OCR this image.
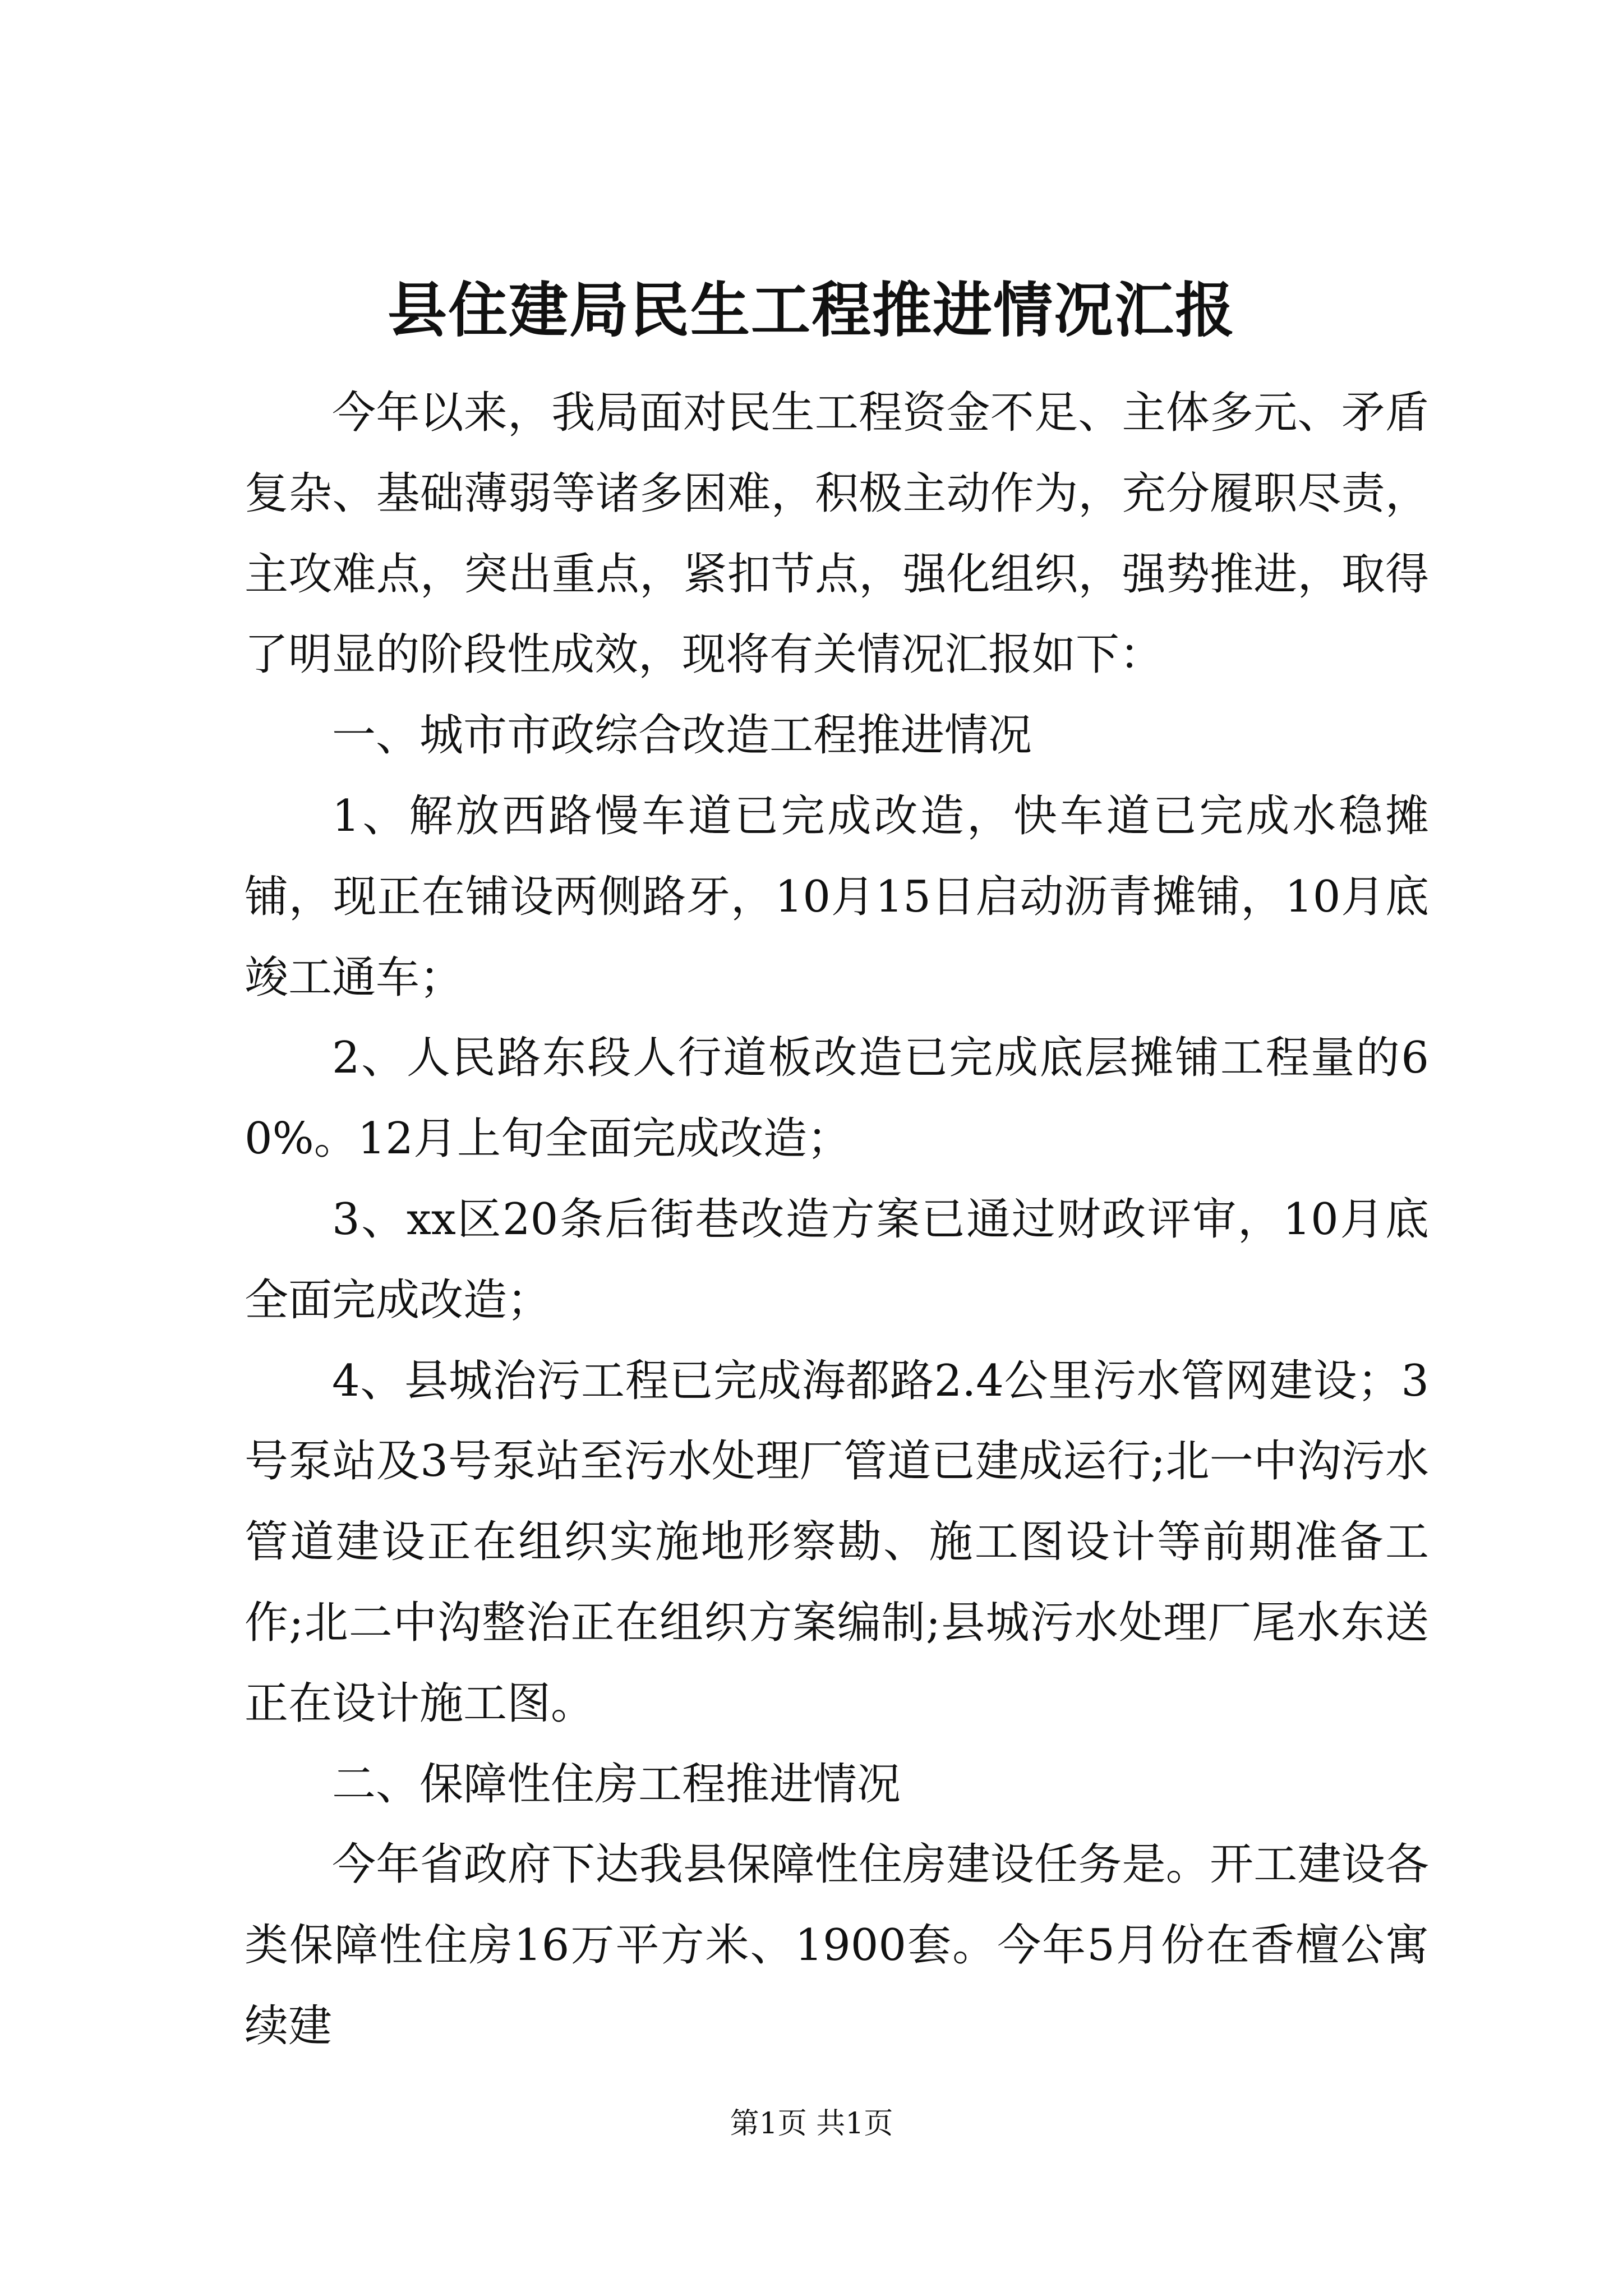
县住建局民生工程推进情况汇报

今年以来，我局面对民生工程资金不足、主体多元、矛盾复杂、基础薄弱等诸多困难，积极主动作为，充分履职尽责，主攻难点，突出重点，紧扣节点，强化组织，强势推进，取得了明显的阶段性成效，现将有关情况汇报如下：

一、城市市政综合改造工程推进情况

1、解放西路慢车道已完成改造，快车道已完成水稳摊铺，现正在铺设两侧路牙，10月15日启动沥青摊铺，10月底竣工通车；

2、人民路东段人行道板改造已完成底层摊铺工程量的60%。12月上旬全面完成改造；

3、xx区20条后街巷改造方案已通过财政评审，10月底全面完成改造；

4、县城治污工程已完成海都路2.4公里污水管网建设；3号泵站及3号泵站至污水处理厂管道已建成运行;北一中沟污水管道建设正在组织实施地形察勘、施工图设计等前期准备工作;北二中沟整治正在组织方案编制;县城污水处理厂尾水东送正在设计施工图。

二、保障性住房工程推进情况

今年省政府下达我县保障性住房建设任务是。开工建设各类保障性住房16万平方米、1900套。今年5月份在香檀公寓续建

第1页 共1页
